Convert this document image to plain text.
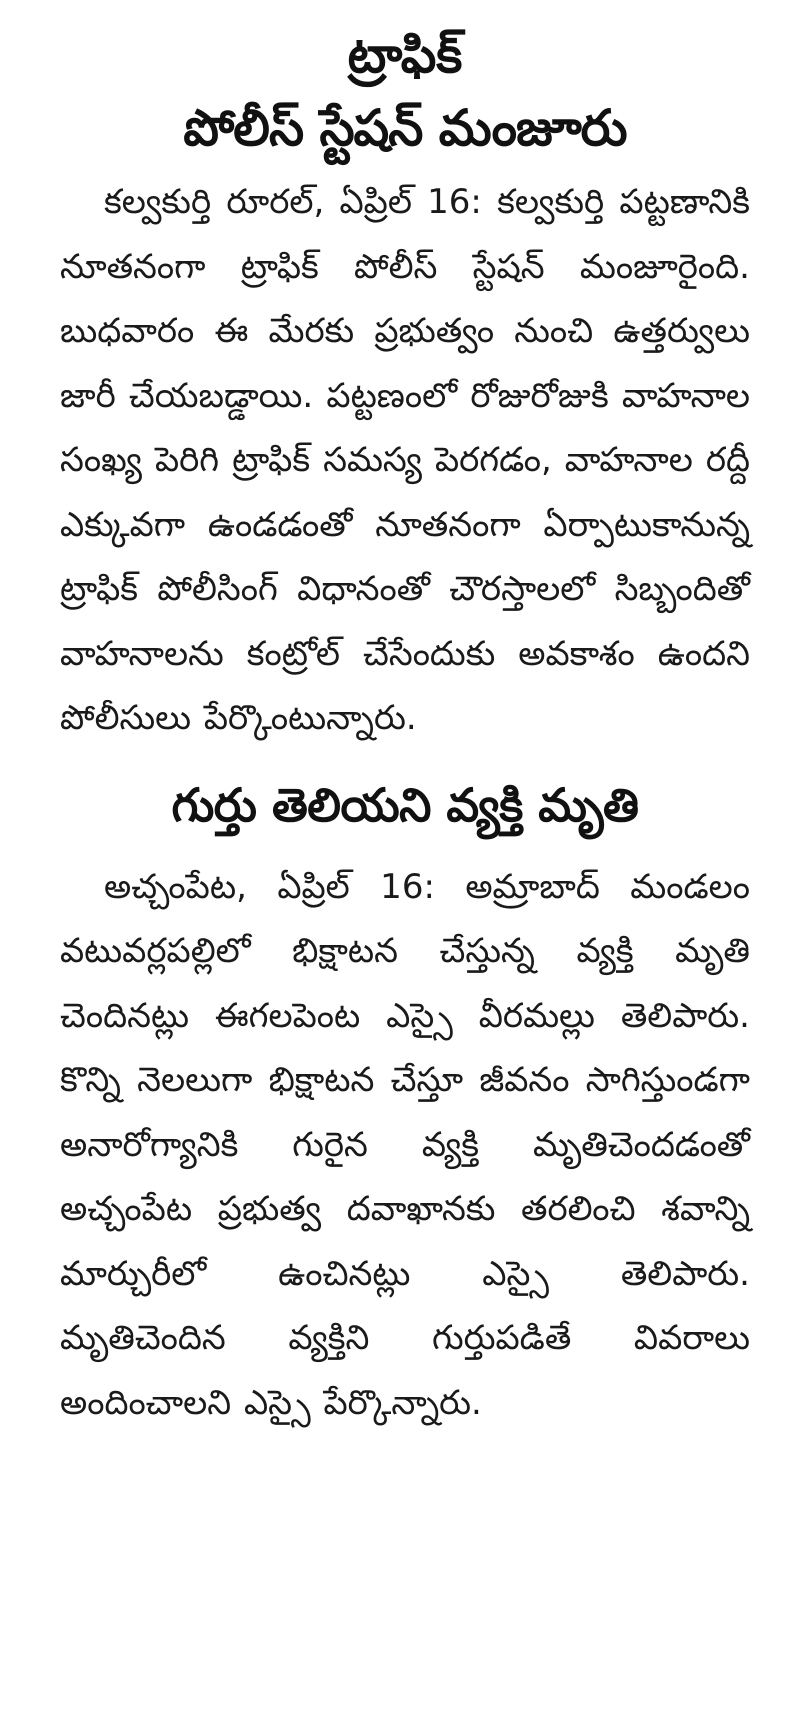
ట్రాఫిక్
పోలీస్ స్టేషన్ మంజూరు

కల్వకుర్తి రూరల్, ఏప్రిల్ 16: కల్వకుర్తి పట్టణానికి నూతనంగా ట్రాఫిక్ పోలీస్ స్టేషన్ మంజూరైంది. బుధవారం ఈ మేరకు ప్రభుత్వం నుంచి ఉత్తర్వులు జారీ చేయబడ్డాయి. పట్టణంలో రోజురోజుకి వాహనాల సంఖ్య పెరిగి ట్రాఫిక్ సమస్య పెరగడం, వాహనాల రద్దీ ఎక్కువగా ఉండడంతో నూతనంగా ఏర్పాటుకానున్న ట్రాఫిక్ పోలీసింగ్ విధానంతో చౌరస్తాలలో సిబ్బందితో వాహనాలను కంట్రోల్ చేసేందుకు అవకాశం ఉందని పోలీసులు పేర్కొంటున్నారు.

గుర్తు తెలియని వ్యక్తి మృతి

అచ్చంపేట, ఏప్రిల్ 16: అమ్రాబాద్ మండలం వటువర్లపల్లిలో భిక్షాటన చేస్తున్న వ్యక్తి మృతి చెందినట్లు ఈగలపెంట ఎస్సై వీరమల్లు తెలిపారు. కొన్ని నెలలుగా భిక్షాటన చేస్తూ జీవనం సాగిస్తుండగా అనారోగ్యానికి గురైన వ్యక్తి మృతిచెందడంతో అచ్చంపేట ప్రభుత్వ దవాఖానకు తరలించి శవాన్ని మార్చురీలో ఉంచినట్లు ఎస్సై తెలిపారు. మృతిచెందిన వ్యక్తిని గుర్తుపడితే వివరాలు అందించాలని ఎస్సై పేర్కొన్నారు.
